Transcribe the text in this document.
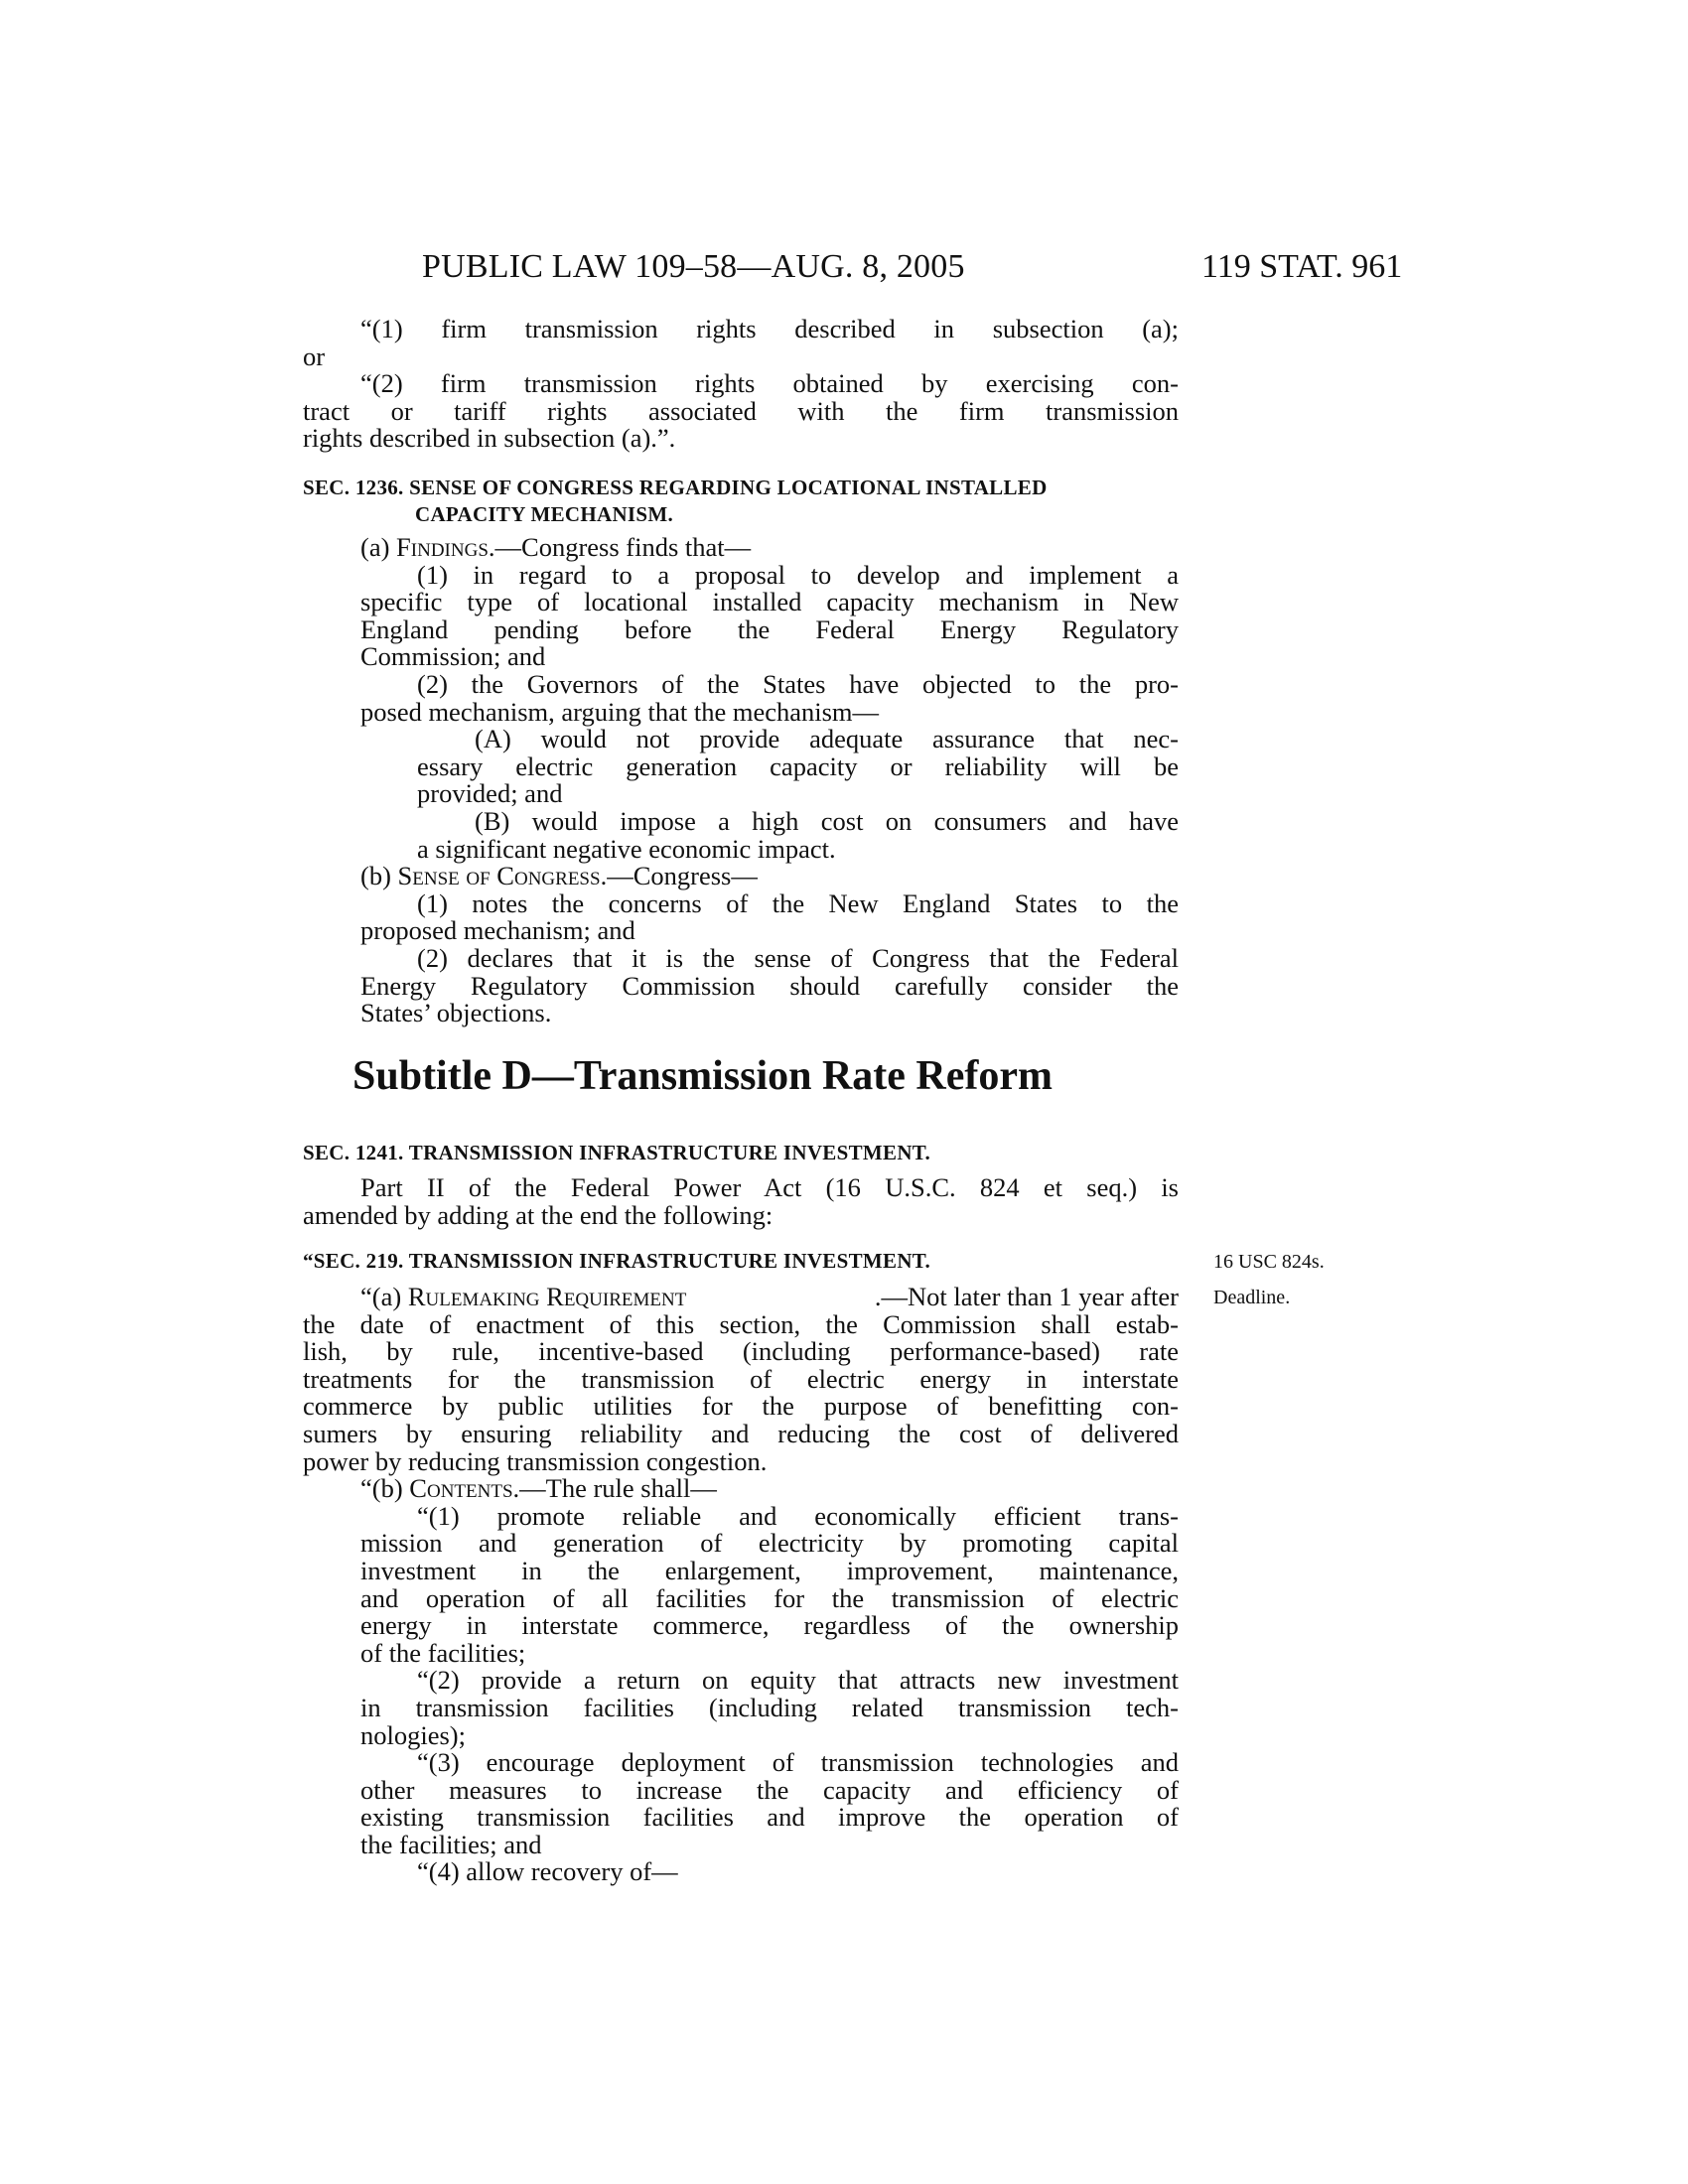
PUBLIC LAW 109–58—AUG. 8, 2005	119 STAT. 961

“(1) firm transmission rights described in subsection (a);

or

“(2) firm transmission rights obtained by exercising con-

tract or tariff rights associated with the firm transmission

rights described in subsection (a).”.

SEC. 1236. SENSE OF CONGRESS REGARDING LOCATIONAL INSTALLED

CAPACITY MECHANISM.

(a) Findings.—Congress finds that—

(1) in regard to a proposal to develop and implement a

specific type of locational installed capacity mechanism in New

England pending before the Federal Energy Regulatory

Commission; and

(2) the Governors of the States have objected to the pro-

posed mechanism, arguing that the mechanism—

(A) would not provide adequate assurance that nec-

essary electric generation capacity or reliability will be

provided; and

(B) would impose a high cost on consumers and have

a significant negative economic impact.

(b) Sense of Congress.—Congress—

(1) notes the concerns of the New England States to the

proposed mechanism; and

(2) declares that it is the sense of Congress that the Federal

Energy Regulatory Commission should carefully consider the

States’ objections.

Subtitle D—Transmission Rate Reform

SEC. 1241. TRANSMISSION INFRASTRUCTURE INVESTMENT.

Part II of the Federal Power Act (16 U.S.C. 824 et seq.) is

amended by adding at the end the following:

“SEC. 219. TRANSMISSION INFRASTRUCTURE INVESTMENT.	16 USC 824s.
Deadline.

“(a) Rulemaking Requirement	.—Not later than 1 year after

the date of enactment of this section, the Commission shall estab-

lish, by rule, incentive-based (including performance-based) rate

treatments for the transmission of electric energy in interstate

commerce by public utilities for the purpose of benefitting con-

sumers by ensuring reliability and reducing the cost of delivered

power by reducing transmission congestion.

“(b) Contents.—The rule shall—

“(1) promote reliable and economically efficient trans-

mission and generation of electricity by promoting capital

investment in the enlargement, improvement, maintenance,

and operation of all facilities for the transmission of electric

energy in interstate commerce, regardless of the ownership

of the facilities;

“(2) provide a return on equity that attracts new investment

in transmission facilities (including related transmission tech-

nologies);

“(3) encourage deployment of transmission technologies and

other measures to increase the capacity and efficiency of

existing transmission facilities and improve the operation of

the facilities; and

“(4) allow recovery of—
